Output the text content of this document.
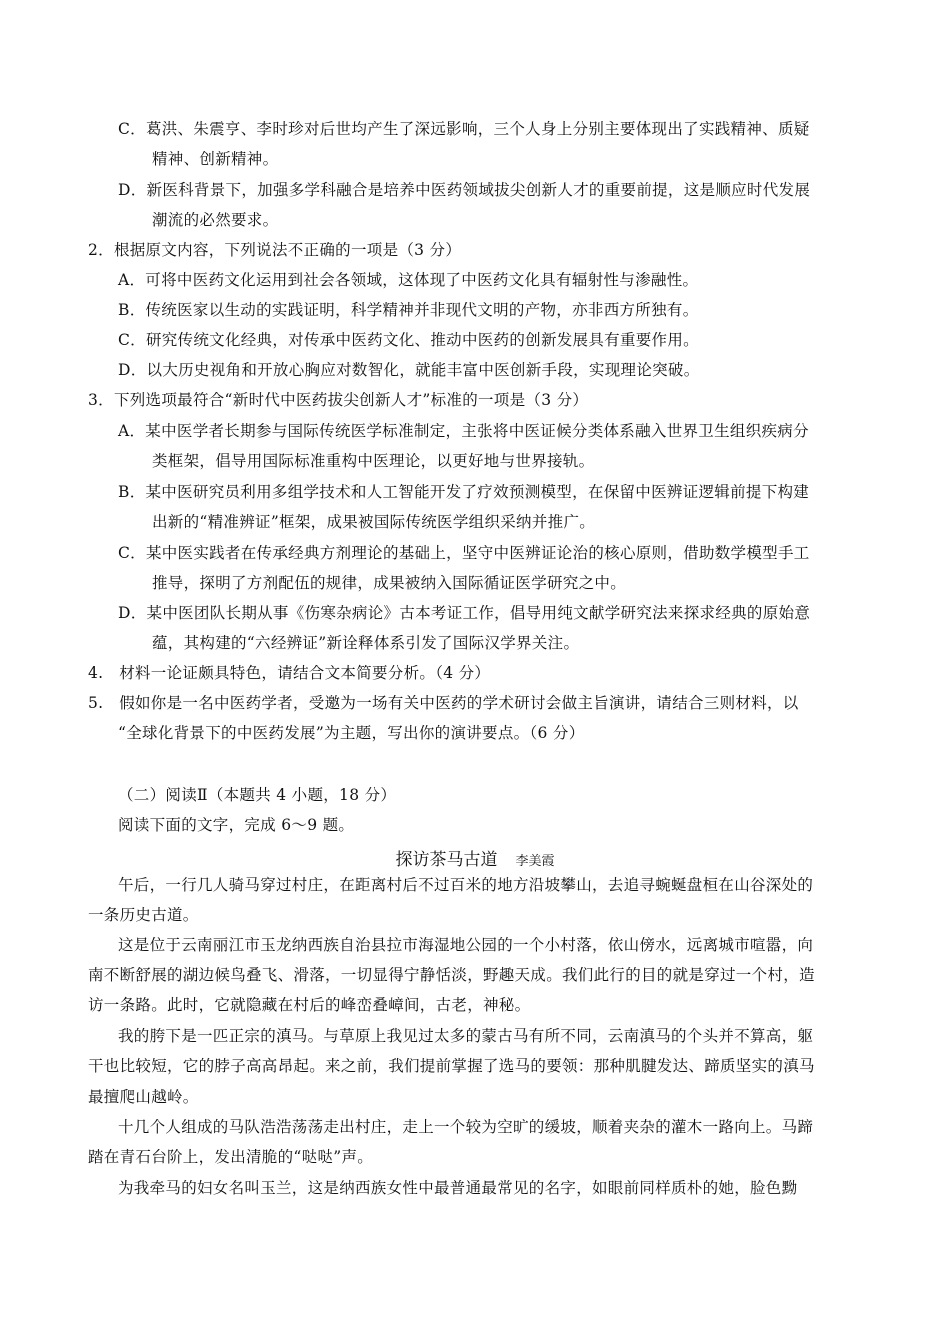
C．葛洪、朱震亨、李时珍对后世均产生了深远影响，三个人身上分别主要体现出了实践精神、质疑
精神、创新精神。
D．新医科背景下，加强多学科融合是培养中医药领域拔尖创新人才的重要前提，这是顺应时代发展
潮流的必然要求。
2．根据原文内容，下列说法不正确的一项是（3 分）
A．可将中医药文化运用到社会各领域，这体现了中医药文化具有辐射性与渗融性。
B．传统医家以生动的实践证明，科学精神并非现代文明的产物，亦非西方所独有。
C．研究传统文化经典，对传承中医药文化、推动中医药的创新发展具有重要作用。
D．以大历史视角和开放心胸应对数智化，就能丰富中医创新手段，实现理论突破。
3．下列选项最符合“新时代中医药拔尖创新人才”标准的一项是（3 分）
A．某中医学者长期参与国际传统医学标准制定，主张将中医证候分类体系融入世界卫生组织疾病分
类框架，倡导用国际标准重构中医理论，以更好地与世界接轨。
B．某中医研究员利用多组学技术和人工智能开发了疗效预测模型，在保留中医辨证逻辑前提下构建
出新的“精准辨证”框架，成果被国际传统医学组织采纳并推广。
C．某中医实践者在传承经典方剂理论的基础上，坚守中医辨证论治的核心原则，借助数学模型手工
推导，探明了方剂配伍的规律，成果被纳入国际循证医学研究之中。
D．某中医团队长期从事《伤寒杂病论》古本考证工作，倡导用纯文献学研究法来探求经典的原始意
蕴，其构建的“六经辨证”新诠释体系引发了国际汉学界关注。
4.　材料一论证颇具特色，请结合文本简要分析。（4 分）
5.　假如你是一名中医药学者，受邀为一场有关中医药的学术研讨会做主旨演讲，请结合三则材料，以
“全球化背景下的中医药发展”为主题，写出你的演讲要点。（6 分）
（二）阅读Ⅱ（本题共 4 小题，18 分）
阅读下面的文字，完成 6～9 题。
探访茶马古道 李美霞
午后，一行几人骑马穿过村庄，在距离村后不过百米的地方沿坡攀山，去追寻蜿蜒盘桓在山谷深处的
一条历史古道。
这是位于云南丽江市玉龙纳西族自治县拉市海湿地公园的一个小村落，依山傍水，远离城市喧嚣，向
南不断舒展的湖边候鸟叠飞、滑落，一切显得宁静恬淡，野趣天成。我们此行的目的就是穿过一个村，造
访一条路。此时，它就隐藏在村后的峰峦叠嶂间，古老，神秘。
我的胯下是一匹正宗的滇马。与草原上我见过太多的蒙古马有所不同，云南滇马的个头并不算高，躯
干也比较短，它的脖子高高昂起。来之前，我们提前掌握了选马的要领：那种肌腱发达、蹄质坚实的滇马
最擅爬山越岭。
十几个人组成的马队浩浩荡荡走出村庄，走上一个较为空旷的缓坡，顺着夹杂的灌木一路向上。马蹄
踏在青石台阶上，发出清脆的“哒哒”声。
为我牵马的妇女名叫玉兰，这是纳西族女性中最普通最常见的名字，如眼前同样质朴的她，脸色黝
